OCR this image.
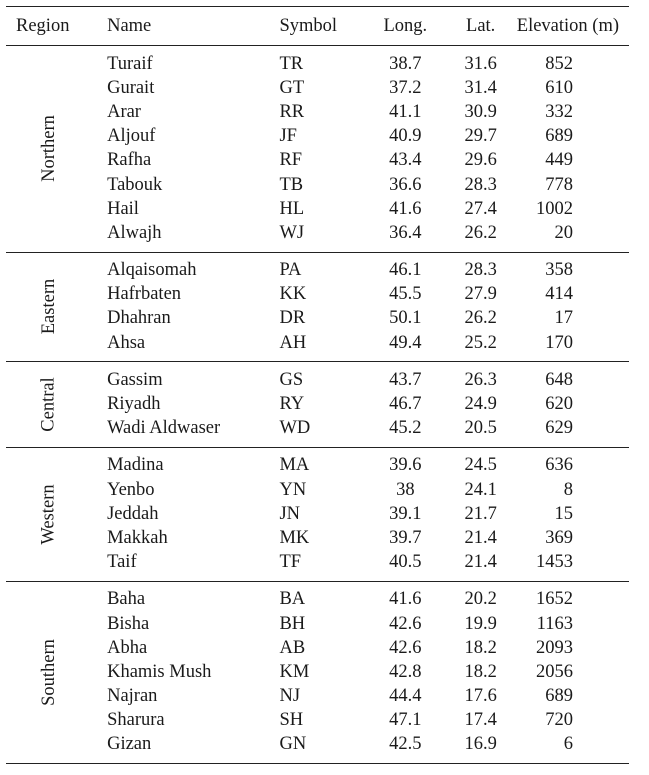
Region	Name	Symbol	Long.	Lat.	Elevation (m)
Northern	Turaif	TR	38.7	31.6	852
	Gurait	GT	37.2	31.4	610
	Arar	RR	41.1	30.9	332
	Aljouf	JF	40.9	29.7	689
	Rafha	RF	43.4	29.6	449
	Tabouk	TB	36.6	28.3	778
	Hail	HL	41.6	27.4	1002
	Alwajh	WJ	36.4	26.2	20
Eastern	Alqaisomah	PA	46.1	28.3	358
	Hafrbaten	KK	45.5	27.9	414
	Dhahran	DR	50.1	26.2	17
	Ahsa	AH	49.4	25.2	170
Central	Gassim	GS	43.7	26.3	648
	Riyadh	RY	46.7	24.9	620
	Wadi Aldwaser	WD	45.2	20.5	629
Western	Madina	MA	39.6	24.5	636
	Yenbo	YN	38	24.1	8
	Jeddah	JN	39.1	21.7	15
	Makkah	MK	39.7	21.4	369
	Taif	TF	40.5	21.4	1453
Southern	Baha	BA	41.6	20.2	1652
	Bisha	BH	42.6	19.9	1163
	Abha	AB	42.6	18.2	2093
	Khamis Mush	KM	42.8	18.2	2056
	Najran	NJ	44.4	17.6	689
	Sharura	SH	47.1	17.4	720
	Gizan	GN	42.5	16.9	6
